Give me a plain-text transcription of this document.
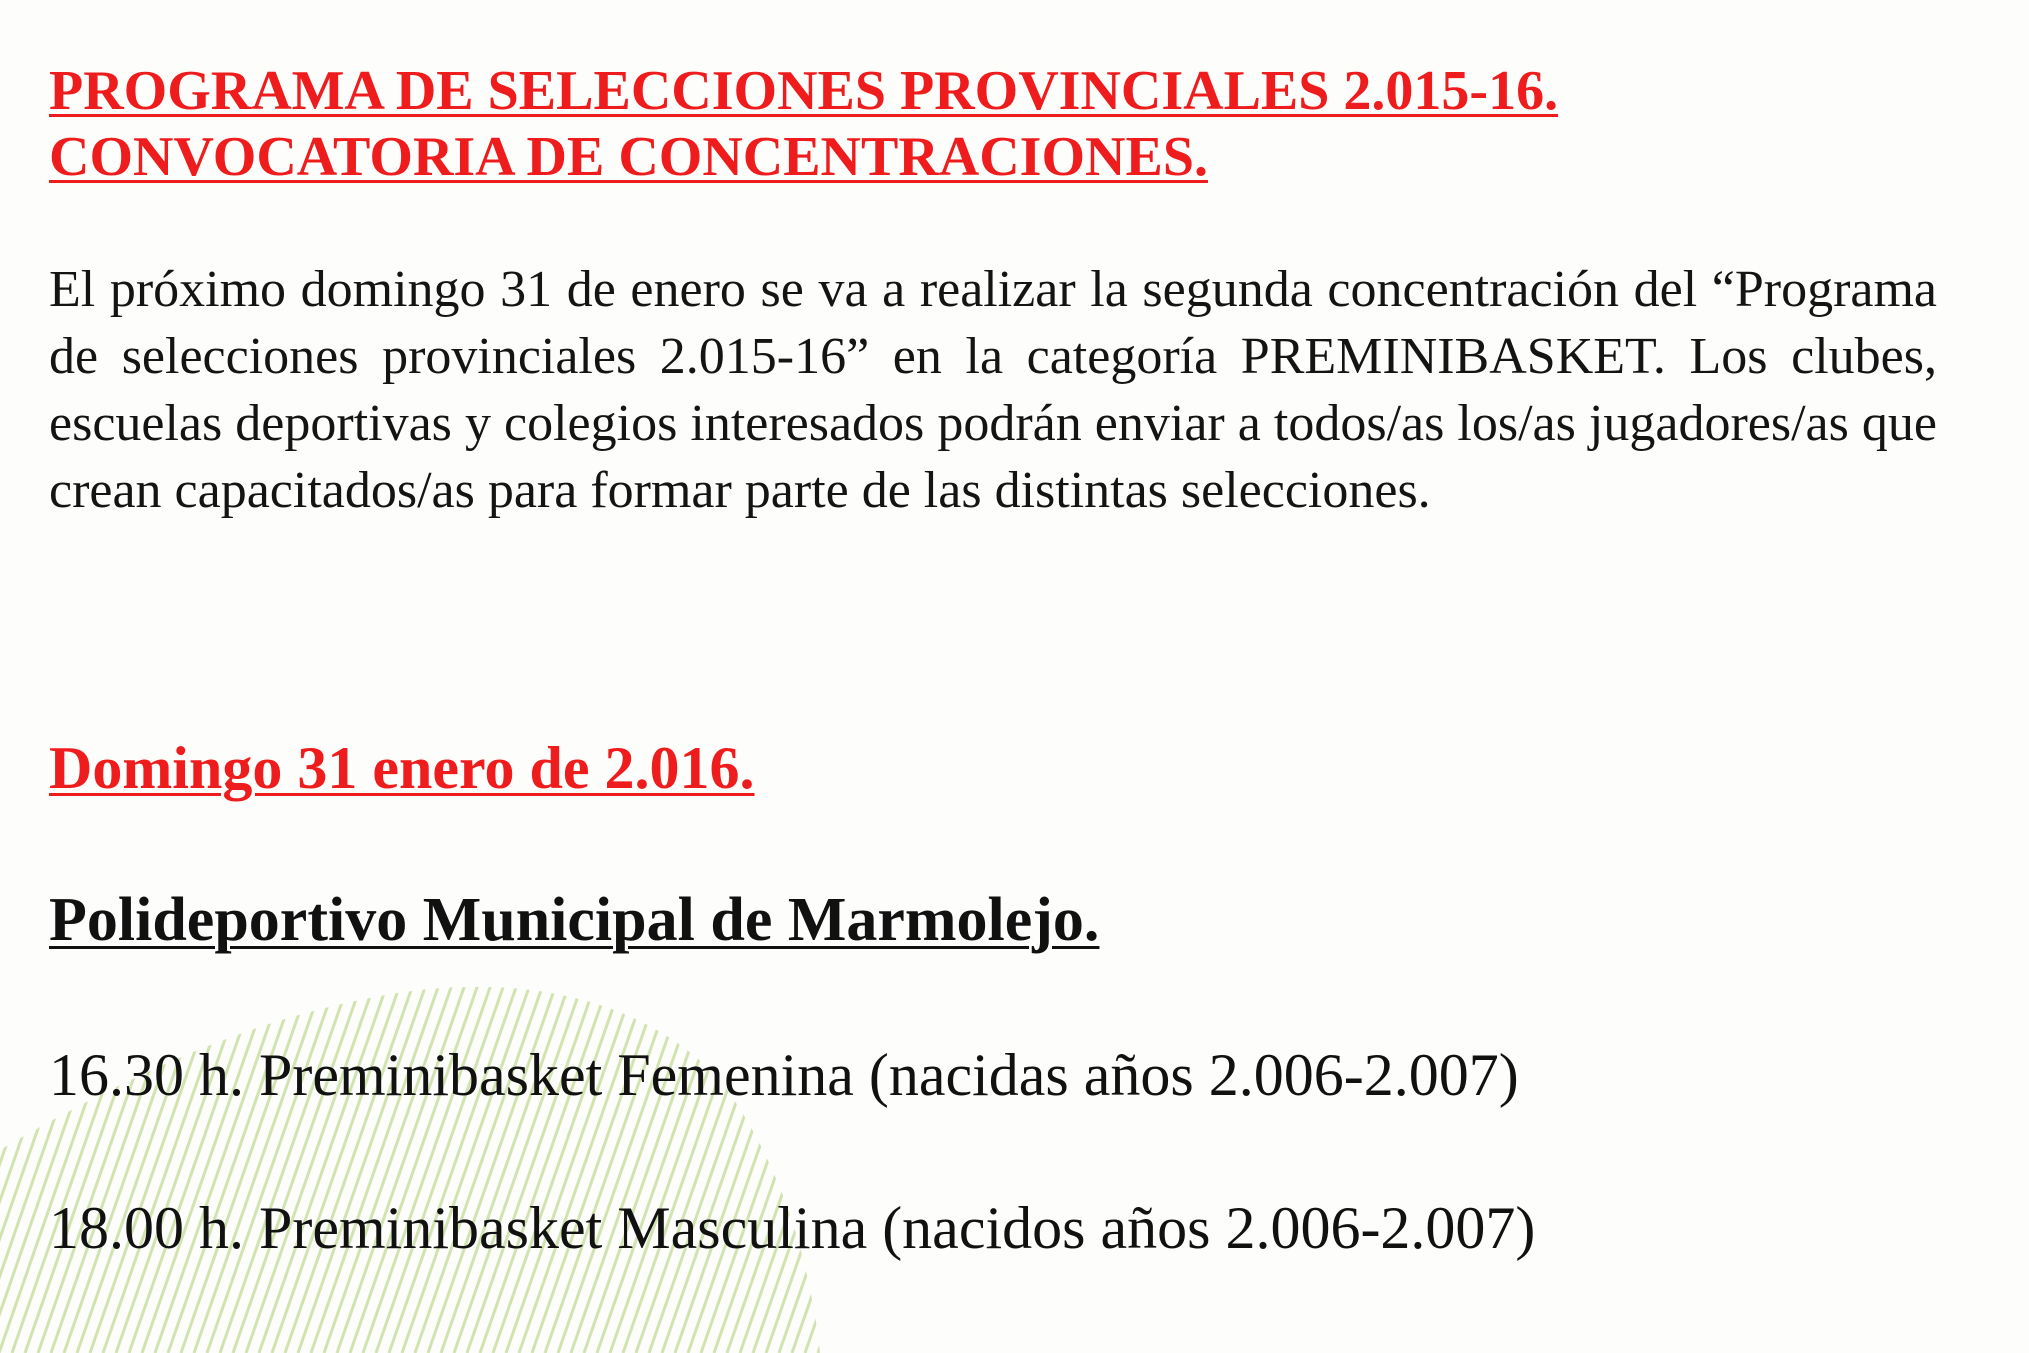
PROGRAMA DE SELECCIONES PROVINCIALES 2.015-16.
CONVOCATORIA DE CONCENTRACIONES.
El próximo domingo 31 de enero se va a realizar la segunda concentración del “Programa de selecciones provinciales 2.015-16” en la categoría PREMINIBASKET. Los clubes, escuelas deportivas y colegios interesados podrán enviar a todos/as los/as jugadores/as que crean capacitados/as para formar parte de las distintas selecciones.
Domingo 31 enero de 2.016.
Polideportivo Municipal de Marmolejo.
16.30 h. Preminibasket Femenina (nacidas años 2.006-2.007)
18.00 h. Preminibasket Masculina (nacidos años 2.006-2.007)
